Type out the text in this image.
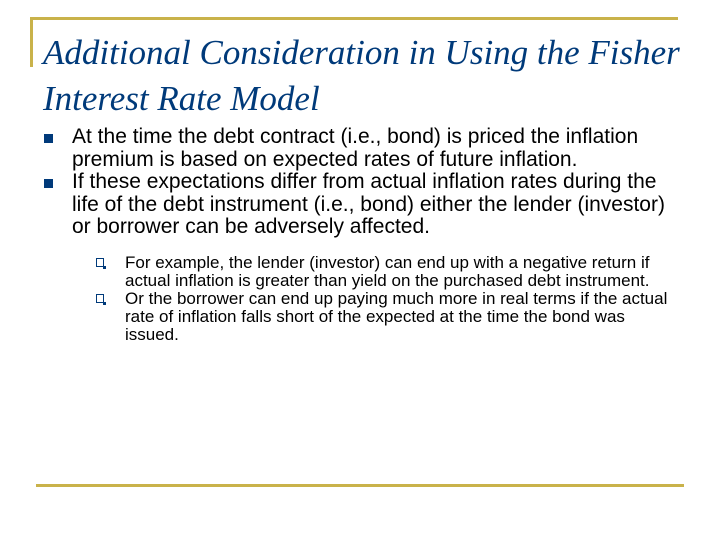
Additional Consideration in Using the Fisher Interest Rate Model
At the time the debt contract (i.e., bond) is priced the inflation premium is based on expected rates of future inflation.
If these expectations differ from actual inflation rates during the life of the debt instrument (i.e., bond) either the lender (investor) or borrower can be adversely affected.
For example, the lender (investor) can end up with a negative return if actual inflation is greater than yield on the purchased debt instrument.
Or the borrower can end up paying much more in real terms if the actual rate of inflation falls short of the expected at the time the bond was issued.
